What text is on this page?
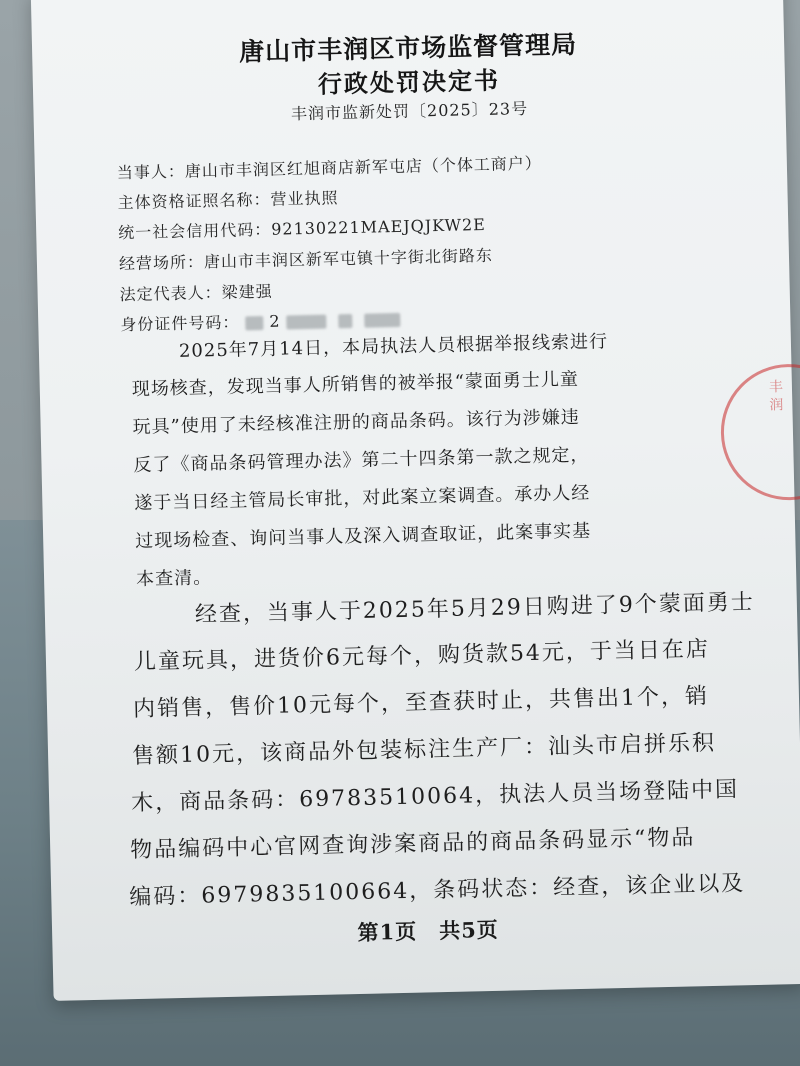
唐山市丰润区市场监督管理局
行政处罚决定书
丰润市监新处罚〔2025〕23号
当事人：唐山市丰润区红旭商店新军屯店（个体工商户）
主体资格证照名称：营业执照
统一社会信用代码：92130221MAEJQJKW2E
经营场所：唐山市丰润区新军屯镇十字街北街路东
法定代表人：梁建强
身份证件号码： 2
2025年7月14日，本局执法人员根据举报线索进行
现场核查，发现当事人所销售的被举报“蒙面勇士儿童
玩具”使用了未经核准注册的商品条码。该行为涉嫌违
反了《商品条码管理办法》第二十四条第一款之规定，
遂于当日经主管局长审批，对此案立案调查。承办人经
过现场检查、询问当事人及深入调查取证，此案事实基
本查清。
经查，当事人于2025年5月29日购进了9个蒙面勇士
儿童玩具，进货价6元每个，购货款54元，于当日在店
内销售，售价10元每个，至查获时止，共售出1个，销
售额10元，该商品外包装标注生产厂：汕头市启拼乐积
木，商品条码：69783510064，执法人员当场登陆中国
物品编码中心官网查询涉案商品的商品条码显示“物品
编码：6979835100664，条码状态：经查，该企业以及
第1页　共5页
丰润
